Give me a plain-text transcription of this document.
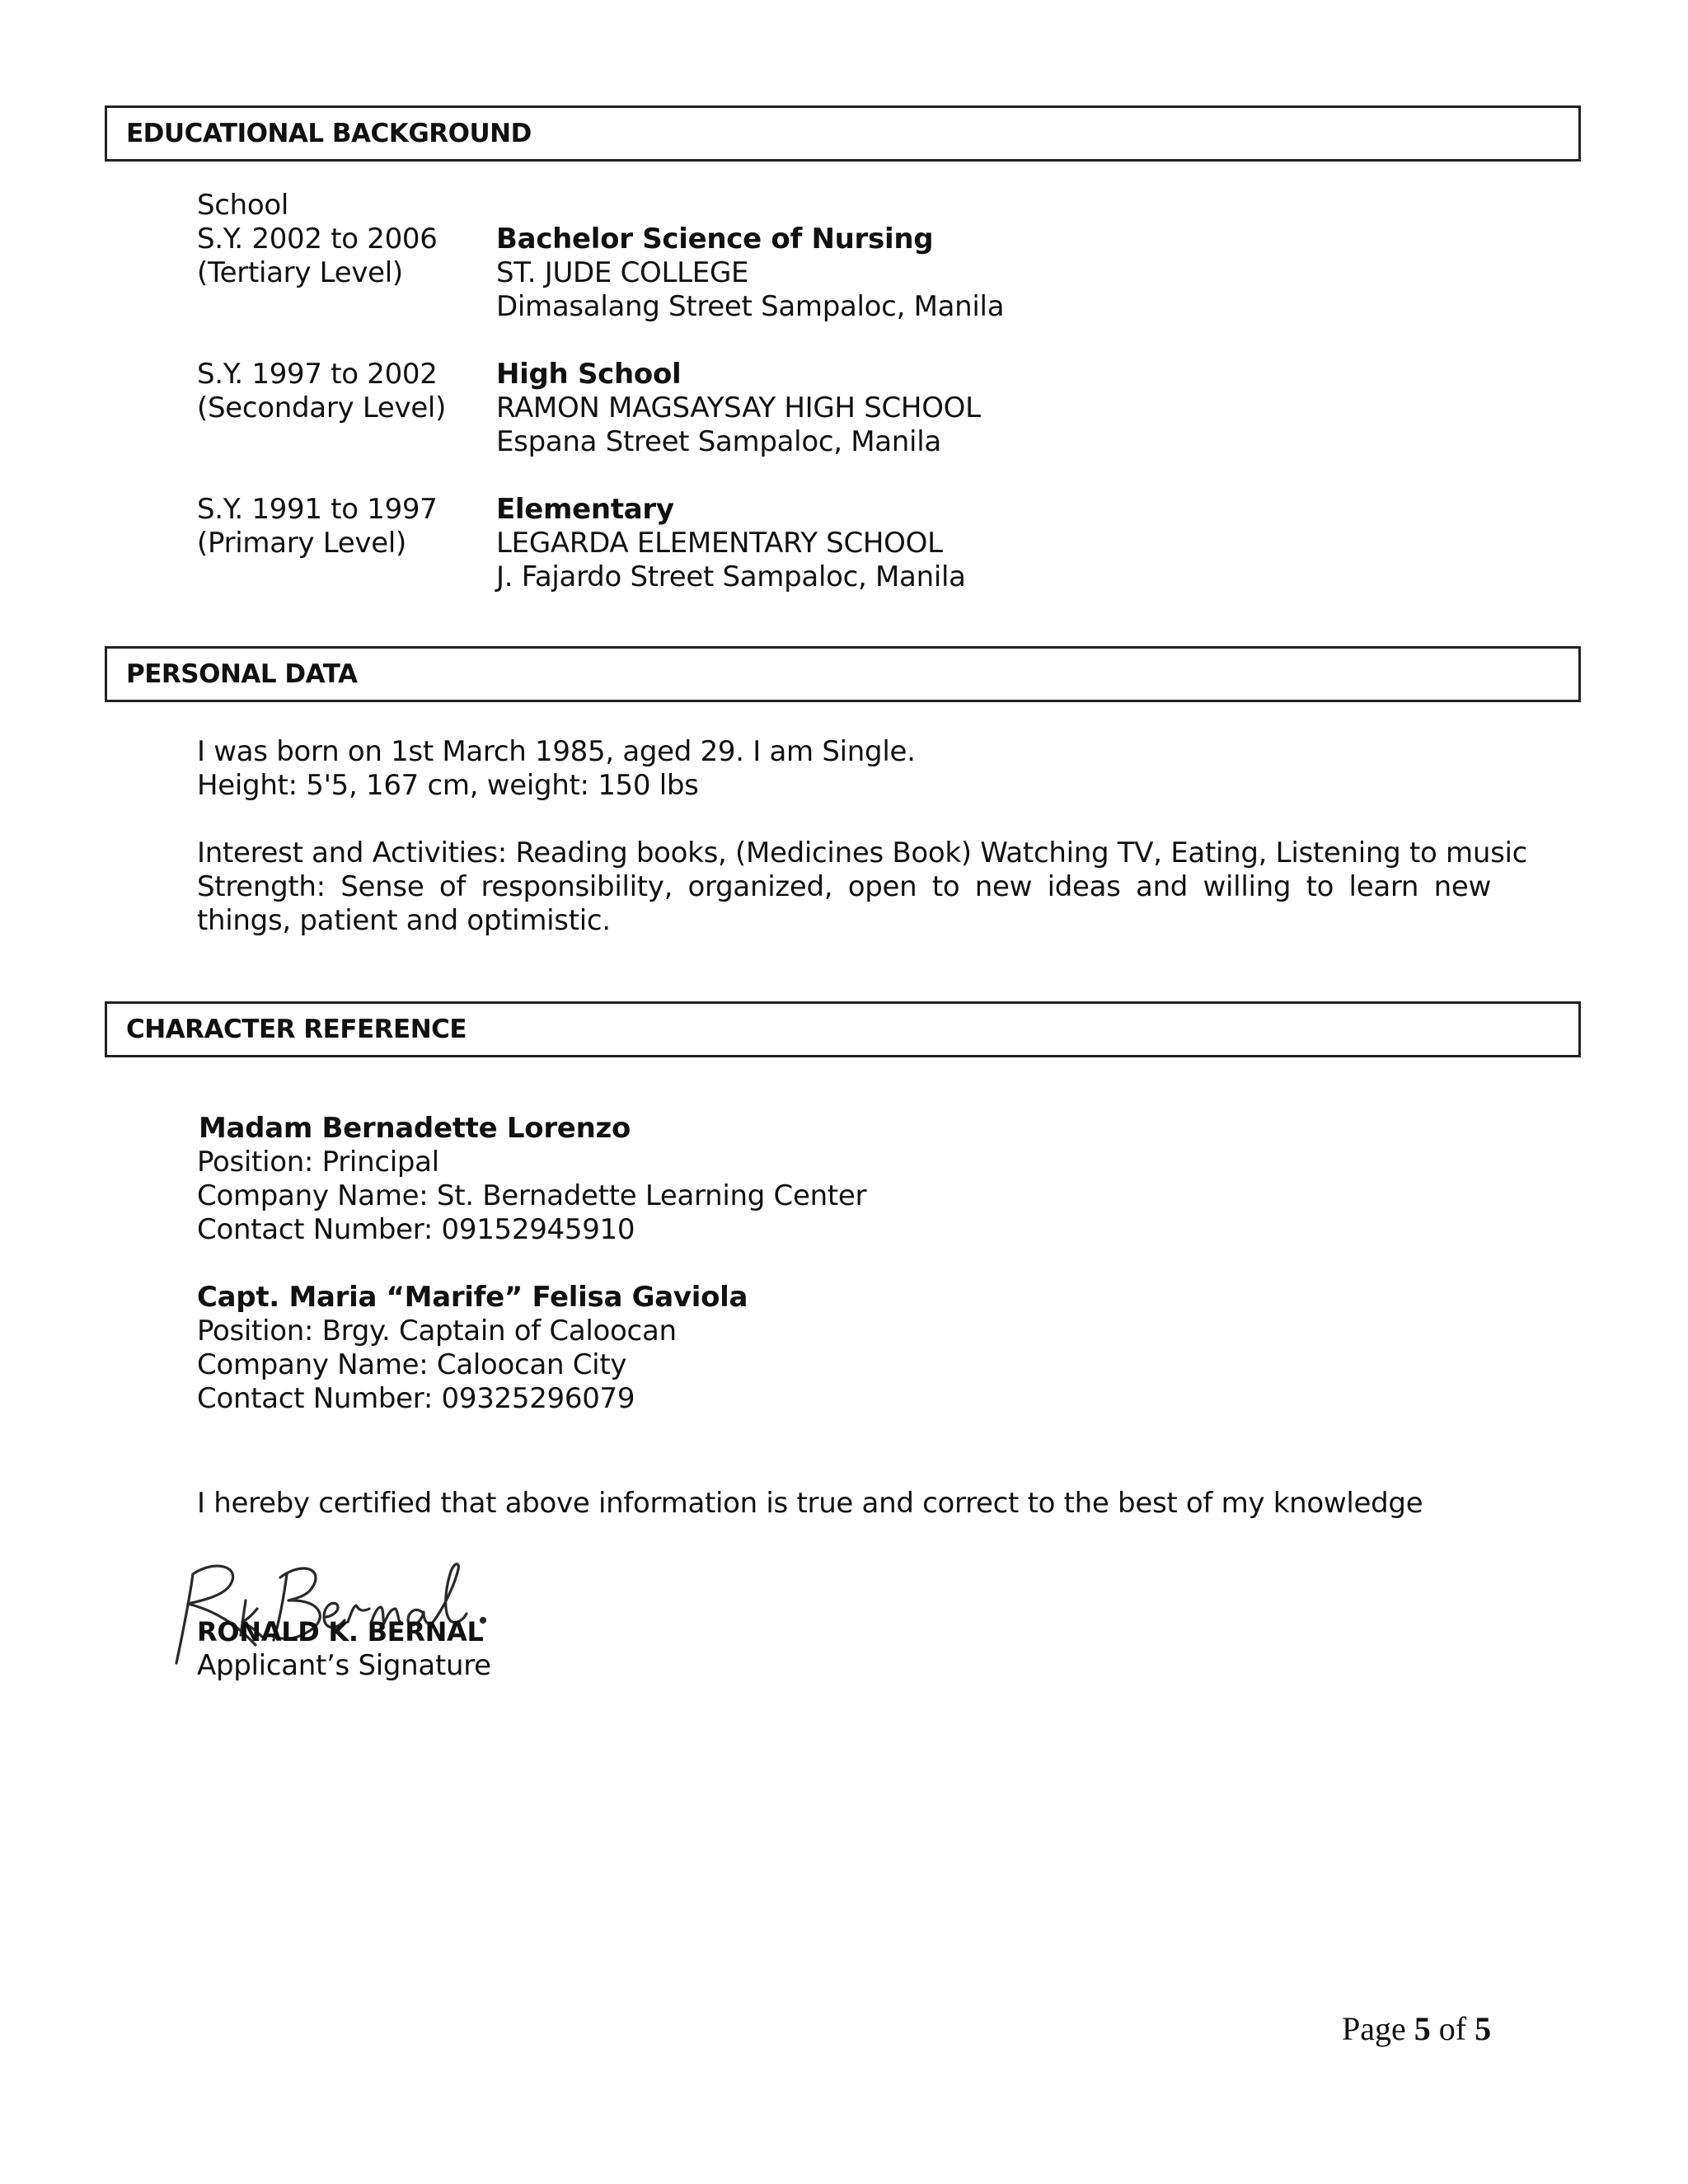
EDUCATIONAL BACKGROUND
School
S.Y. 2002 to 2006
(Tertiary Level)
Bachelor Science of Nursing
ST. JUDE COLLEGE
Dimasalang Street Sampaloc, Manila
S.Y. 1997 to 2002
(Secondary Level)
High School
RAMON MAGSAYSAY HIGH SCHOOL
Espana Street Sampaloc, Manila
S.Y. 1991 to 1997
(Primary Level)
Elementary
LEGARDA ELEMENTARY SCHOOL
J. Fajardo Street Sampaloc, Manila
PERSONAL DATA
I was born on 1st March 1985, aged 29. I am Single.
Height: 5'5, 167 cm, weight: 150 lbs
Interest and Activities: Reading books, (Medicines Book) Watching TV, Eating, Listening to music
Strength: Sense of responsibility, organized, open to new ideas and willing to learn new things, patient and optimistic.
CHARACTER REFERENCE
Madam Bernadette Lorenzo
Position: Principal
Company Name: St. Bernadette Learning Center
Contact Number: 09152945910
Capt. Maria “Marife” Felisa Gaviola
Position: Brgy. Captain of Caloocan
Company Name: Caloocan City
Contact Number: 09325296079
I hereby certified that above information is true and correct to the best of my knowledge
RONALD K. BERNAL
Applicant’s Signature
Page 5 of 5
